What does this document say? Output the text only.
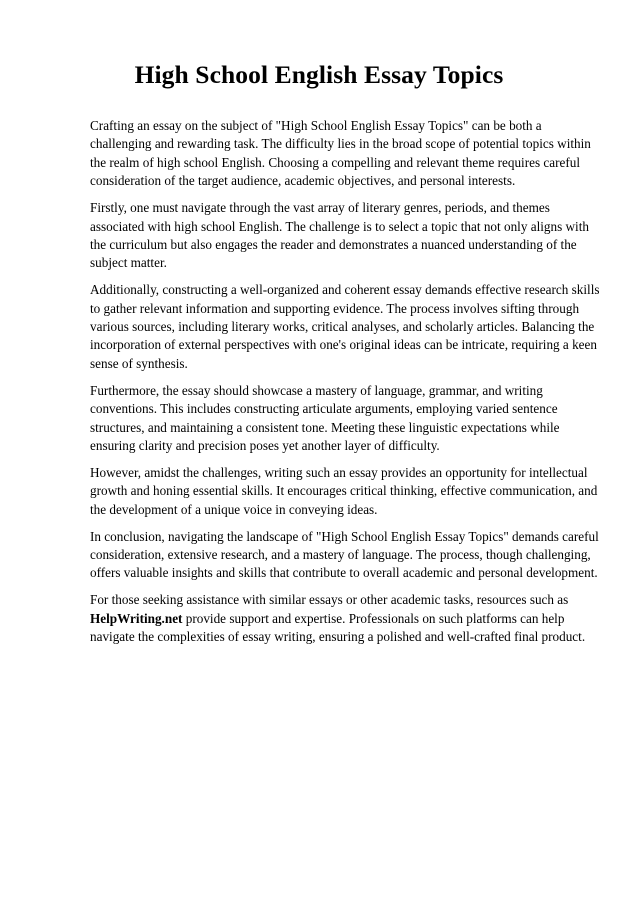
High School English Essay Topics

Crafting an essay on the subject of "High School English Essay Topics" can be both a challenging and rewarding task. The difficulty lies in the broad scope of potential topics within the realm of high school English. Choosing a compelling and relevant theme requires careful consideration of the target audience, academic objectives, and personal interests.

Firstly, one must navigate through the vast array of literary genres, periods, and themes associated with high school English. The challenge is to select a topic that not only aligns with the curriculum but also engages the reader and demonstrates a nuanced understanding of the subject matter.

Additionally, constructing a well-organized and coherent essay demands effective research skills to gather relevant information and supporting evidence. The process involves sifting through various sources, including literary works, critical analyses, and scholarly articles. Balancing the incorporation of external perspectives with one's original ideas can be intricate, requiring a keen sense of synthesis.

Furthermore, the essay should showcase a mastery of language, grammar, and writing conventions. This includes constructing articulate arguments, employing varied sentence structures, and maintaining a consistent tone. Meeting these linguistic expectations while ensuring clarity and precision poses yet another layer of difficulty.

However, amidst the challenges, writing such an essay provides an opportunity for intellectual growth and honing essential skills. It encourages critical thinking, effective communication, and the development of a unique voice in conveying ideas.

In conclusion, navigating the landscape of "High School English Essay Topics" demands careful consideration, extensive research, and a mastery of language. The process, though challenging, offers valuable insights and skills that contribute to overall academic and personal development.

For those seeking assistance with similar essays or other academic tasks, resources such as HelpWriting.net provide support and expertise. Professionals on such platforms can help navigate the complexities of essay writing, ensuring a polished and well-crafted final product.
